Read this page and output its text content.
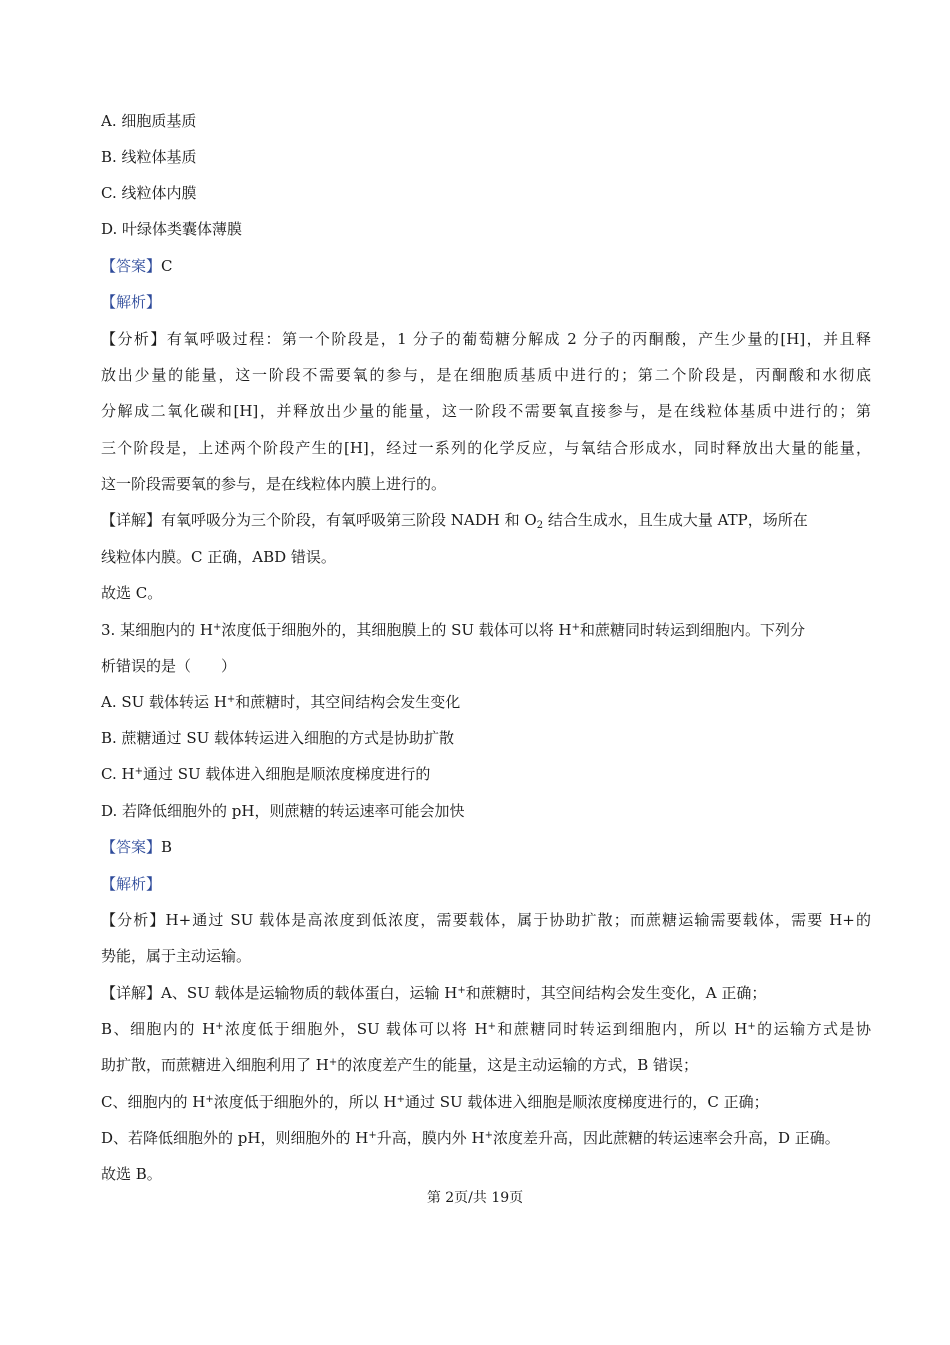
A. 细胞质基质
B. 线粒体基质
C. 线粒体内膜
D. 叶绿体类囊体薄膜
【答案】C
【解析】
【分析】有氧呼吸过程：第一个阶段是，1 分子的葡萄糖分解成 2 分子的丙酮酸，产生少量的[H]，并且释
放出少量的能量，这一阶段不需要氧的参与，是在细胞质基质中进行的；第二个阶段是，丙酮酸和水彻底
分解成二氧化碳和[H]，并释放出少量的能量，这一阶段不需要氧直接参与，是在线粒体基质中进行的；第
三个阶段是，上述两个阶段产生的[H]，经过一系列的化学反应，与氧结合形成水，同时释放出大量的能量，
这一阶段需要氧的参与，是在线粒体内膜上进行的。
【详解】有氧呼吸分为三个阶段，有氧呼吸第三阶段 NADH 和 $O_2$ 结合生成水，且生成大量 ATP，场所在
线粒体内膜。C 正确，ABD 错误。
故选 C。
3. 某细胞内的 H+浓度低于细胞外的，其细胞膜上的 SU 载体可以将 H+和蔗糖同时转运到细胞内。下列分
析错误的是（　　）
A. SU 载体转运 H+和蔗糖时，其空间结构会发生变化
B. 蔗糖通过 SU 载体转运进入细胞的方式是协助扩散
C. H+通过 SU 载体进入细胞是顺浓度梯度进行的
D. 若降低细胞外的 pH，则蔗糖的转运速率可能会加快
【答案】B
【解析】
【分析】H+通过 SU 载体是高浓度到低浓度，需要载体，属于协助扩散；而蔗糖运输需要载体，需要 H+的
势能，属于主动运输。
【详解】A、SU 载体是运输物质的载体蛋白，运输 H+和蔗糖时，其空间结构会发生变化，A 正确；
B、细胞内的 H+浓度低于细胞外，SU 载体可以将 H+和蔗糖同时转运到细胞内，所以 H+的运输方式是协
助扩散，而蔗糖进入细胞利用了 H+的浓度差产生的能量，这是主动运输的方式，B 错误；
C、细胞内的 H+浓度低于细胞外的，所以 H+通过 SU 载体进入细胞是顺浓度梯度进行的，C 正确；
D、若降低细胞外的 pH，则细胞外的 H+升高，膜内外 H+浓度差升高，因此蔗糖的转运速率会升高，D 正确。
故选 B。
第 2页/共 19页
